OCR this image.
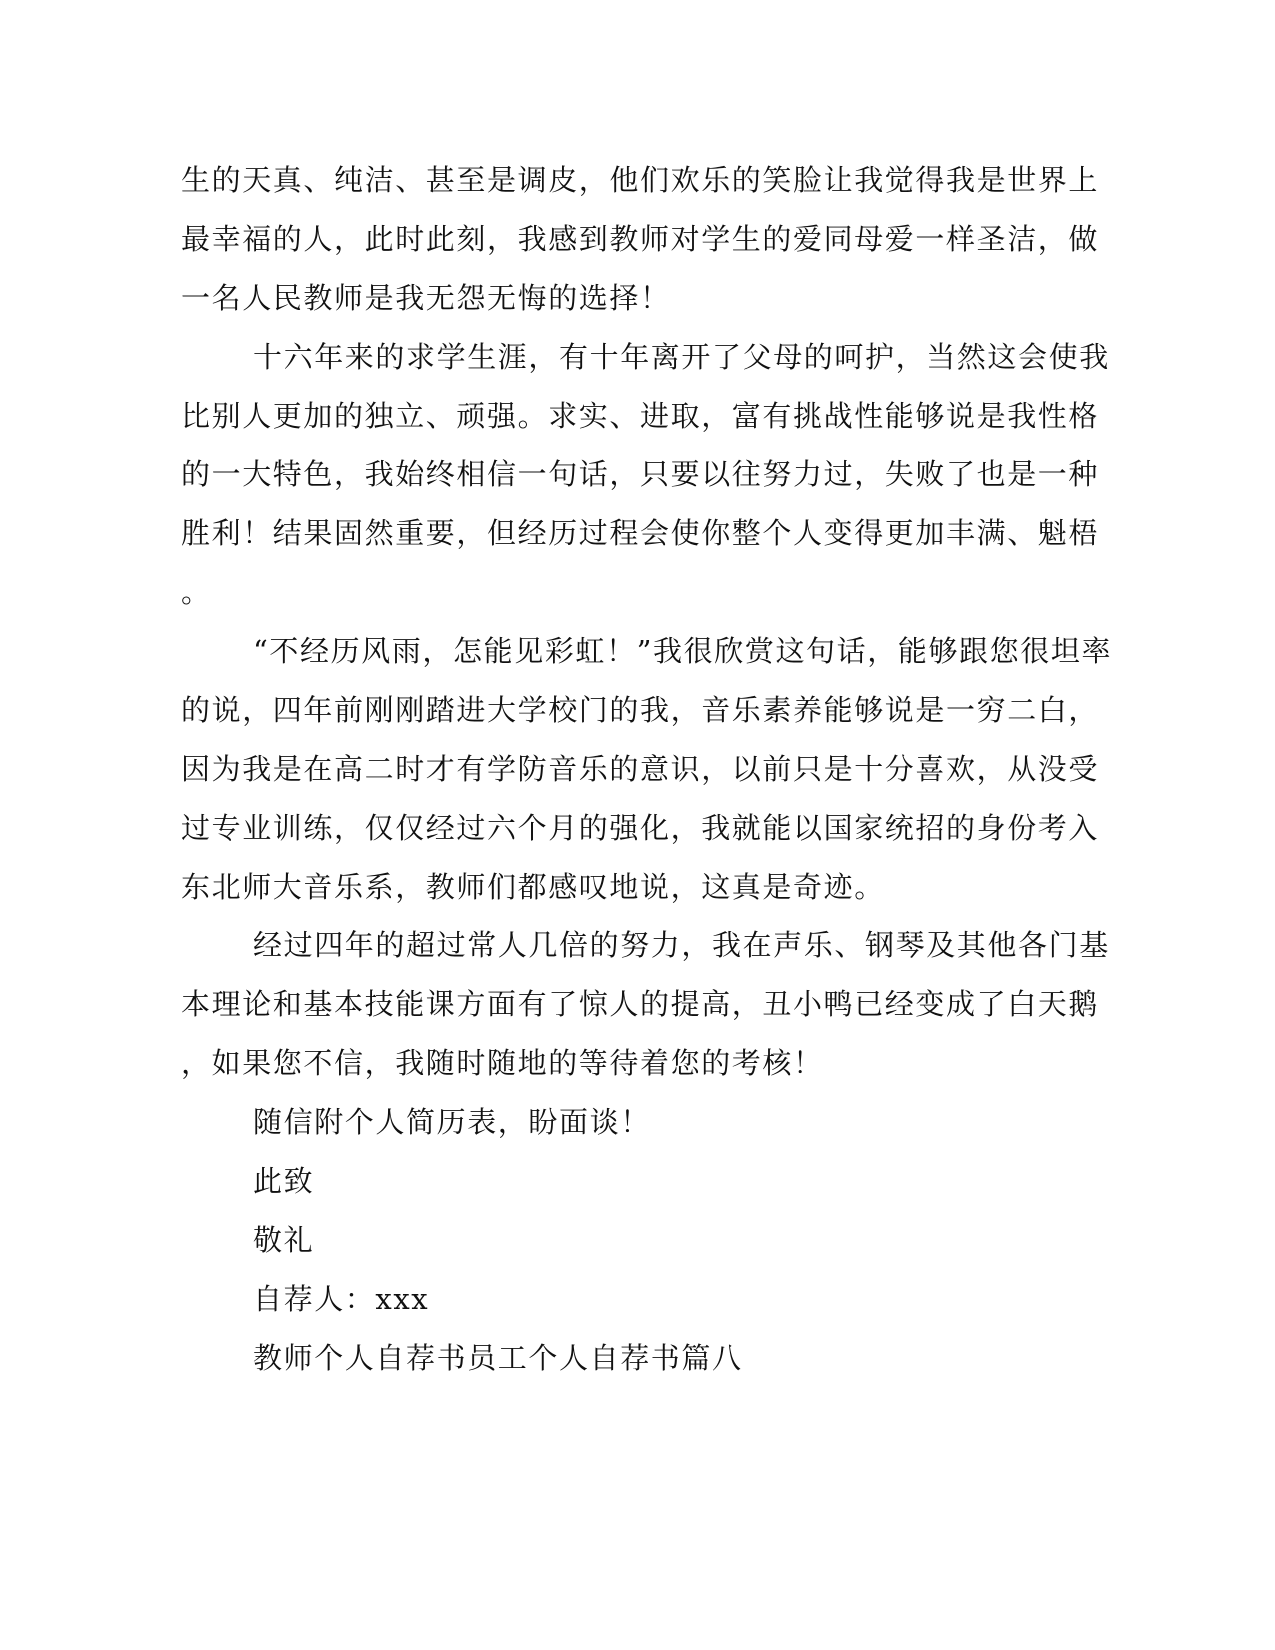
生的天真、纯洁、甚至是调皮，他们欢乐的笑脸让我觉得我是世界上
最幸福的人，此时此刻，我感到教师对学生的爱同母爱一样圣洁，做
一名人民教师是我无怨无悔的选择！
十六年来的求学生涯，有十年离开了父母的呵护，当然这会使我
比别人更加的独立、顽强。求实、进取，富有挑战性能够说是我性格
的一大特色，我始终相信一句话，只要以往努力过，失败了也是一种
胜利！结果固然重要，但经历过程会使你整个人变得更加丰满、魁梧
。
“不经历风雨，怎能见彩虹！”我很欣赏这句话，能够跟您很坦率
的说，四年前刚刚踏进大学校门的我，音乐素养能够说是一穷二白，
因为我是在高二时才有学防音乐的意识，以前只是十分喜欢，从没受
过专业训练，仅仅经过六个月的强化，我就能以国家统招的身份考入
东北师大音乐系，教师们都感叹地说，这真是奇迹。
经过四年的超过常人几倍的努力，我在声乐、钢琴及其他各门基
本理论和基本技能课方面有了惊人的提高，丑小鸭已经变成了白天鹅
，如果您不信，我随时随地的等待着您的考核！
随信附个人简历表，盼面谈！
此致
敬礼
自荐人：xxx
教师个人自荐书员工个人自荐书篇八
